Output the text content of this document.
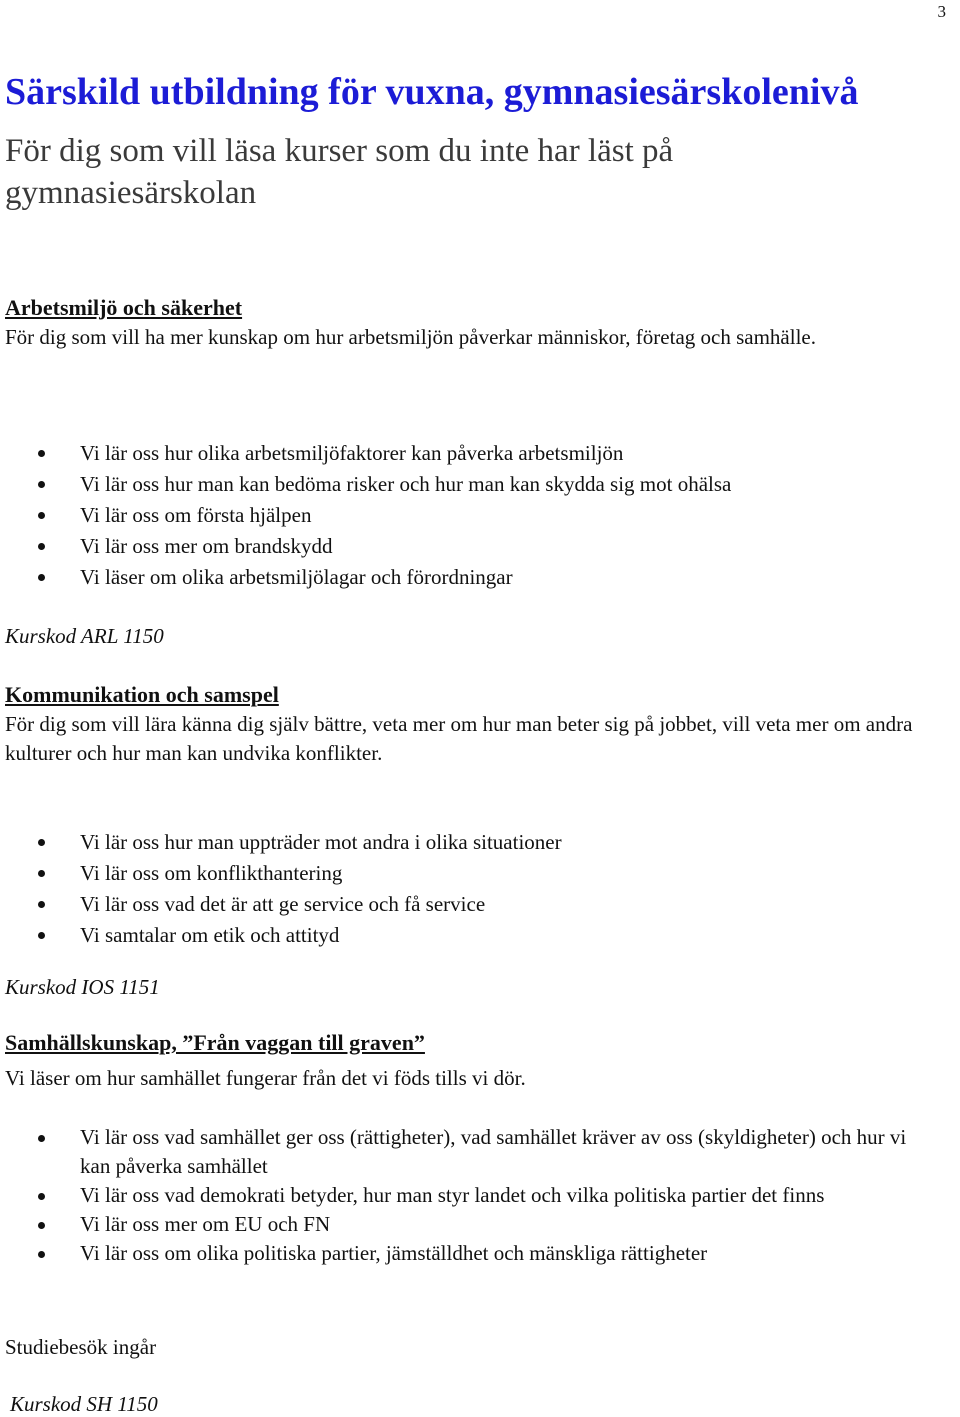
3
Särskild utbildning för vuxna, gymnasiesärskolenivå
För dig som vill läsa kurser som du inte har läst på gymnasiesärskolan
Arbetsmiljö och säkerhet

För dig som vill ha mer kunskap om hur arbetsmiljön påverkar människor, företag och samhälle.

Vi lär oss hur olika arbetsmiljöfaktorer kan påverka arbetsmiljön
Vi lär oss hur man kan bedöma risker och hur man kan skydda sig mot ohälsa
Vi lär oss om första hjälpen
Vi lär oss mer om brandskydd
Vi läser om olika arbetsmiljölagar och förordningar

Kurskod ARL 1150

Kommunikation och samspel

För dig som vill lära känna dig själv bättre, veta mer om hur man beter sig på jobbet, vill veta mer om andra kulturer och hur man kan undvika konflikter.

Vi lär oss hur man uppträder mot andra i olika situationer
Vi lär oss om konflikthantering
Vi lär oss vad det är att ge service och få service
Vi samtalar om etik och attityd

Kurskod IOS 1151

Samhällskunskap, ”Från vaggan till graven”

Vi läser om hur samhället fungerar från det vi föds tills vi dör.

Vi lär oss vad samhället ger oss (rättigheter), vad samhället kräver av oss (skyldigheter) och hur vi kan påverka samhället
Vi lär oss vad demokrati betyder, hur man styr landet och vilka politiska partier det finns
Vi lär oss mer om EU och FN
Vi lär oss om olika politiska partier, jämställdhet och mänskliga rättigheter

Studiebesök ingår

Kurskod SH 1150
